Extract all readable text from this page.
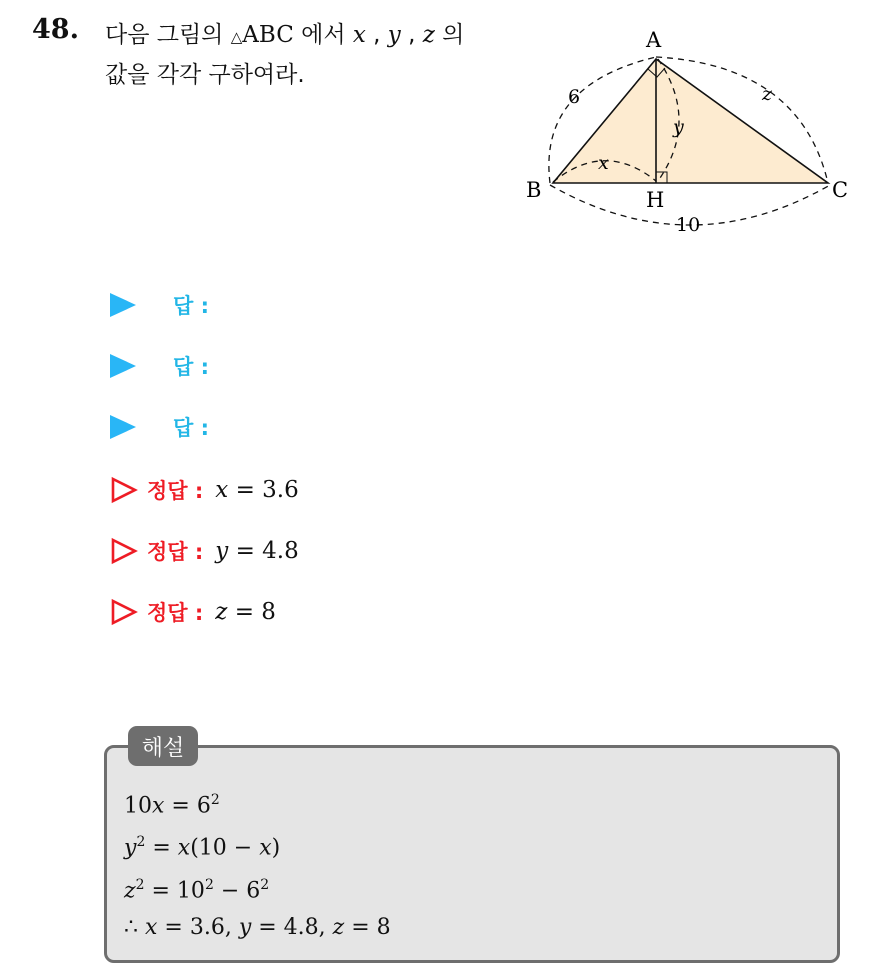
48. 다음 그림의 △ABC 에서 x , y , z 의
값을 각각 구하여라.
A
B	C
H
6
10
x
y
z
답 :
답 :
답 :
정답 : x = 3.6
정답 : y = 4.8
정답 : z = 8
해설
$10x = 6^2$
$y^2 = x(10 - x)$
$z^2 = 10^2 - 6^2$
∴ x = 3.6, y = 4.8, z = 8
